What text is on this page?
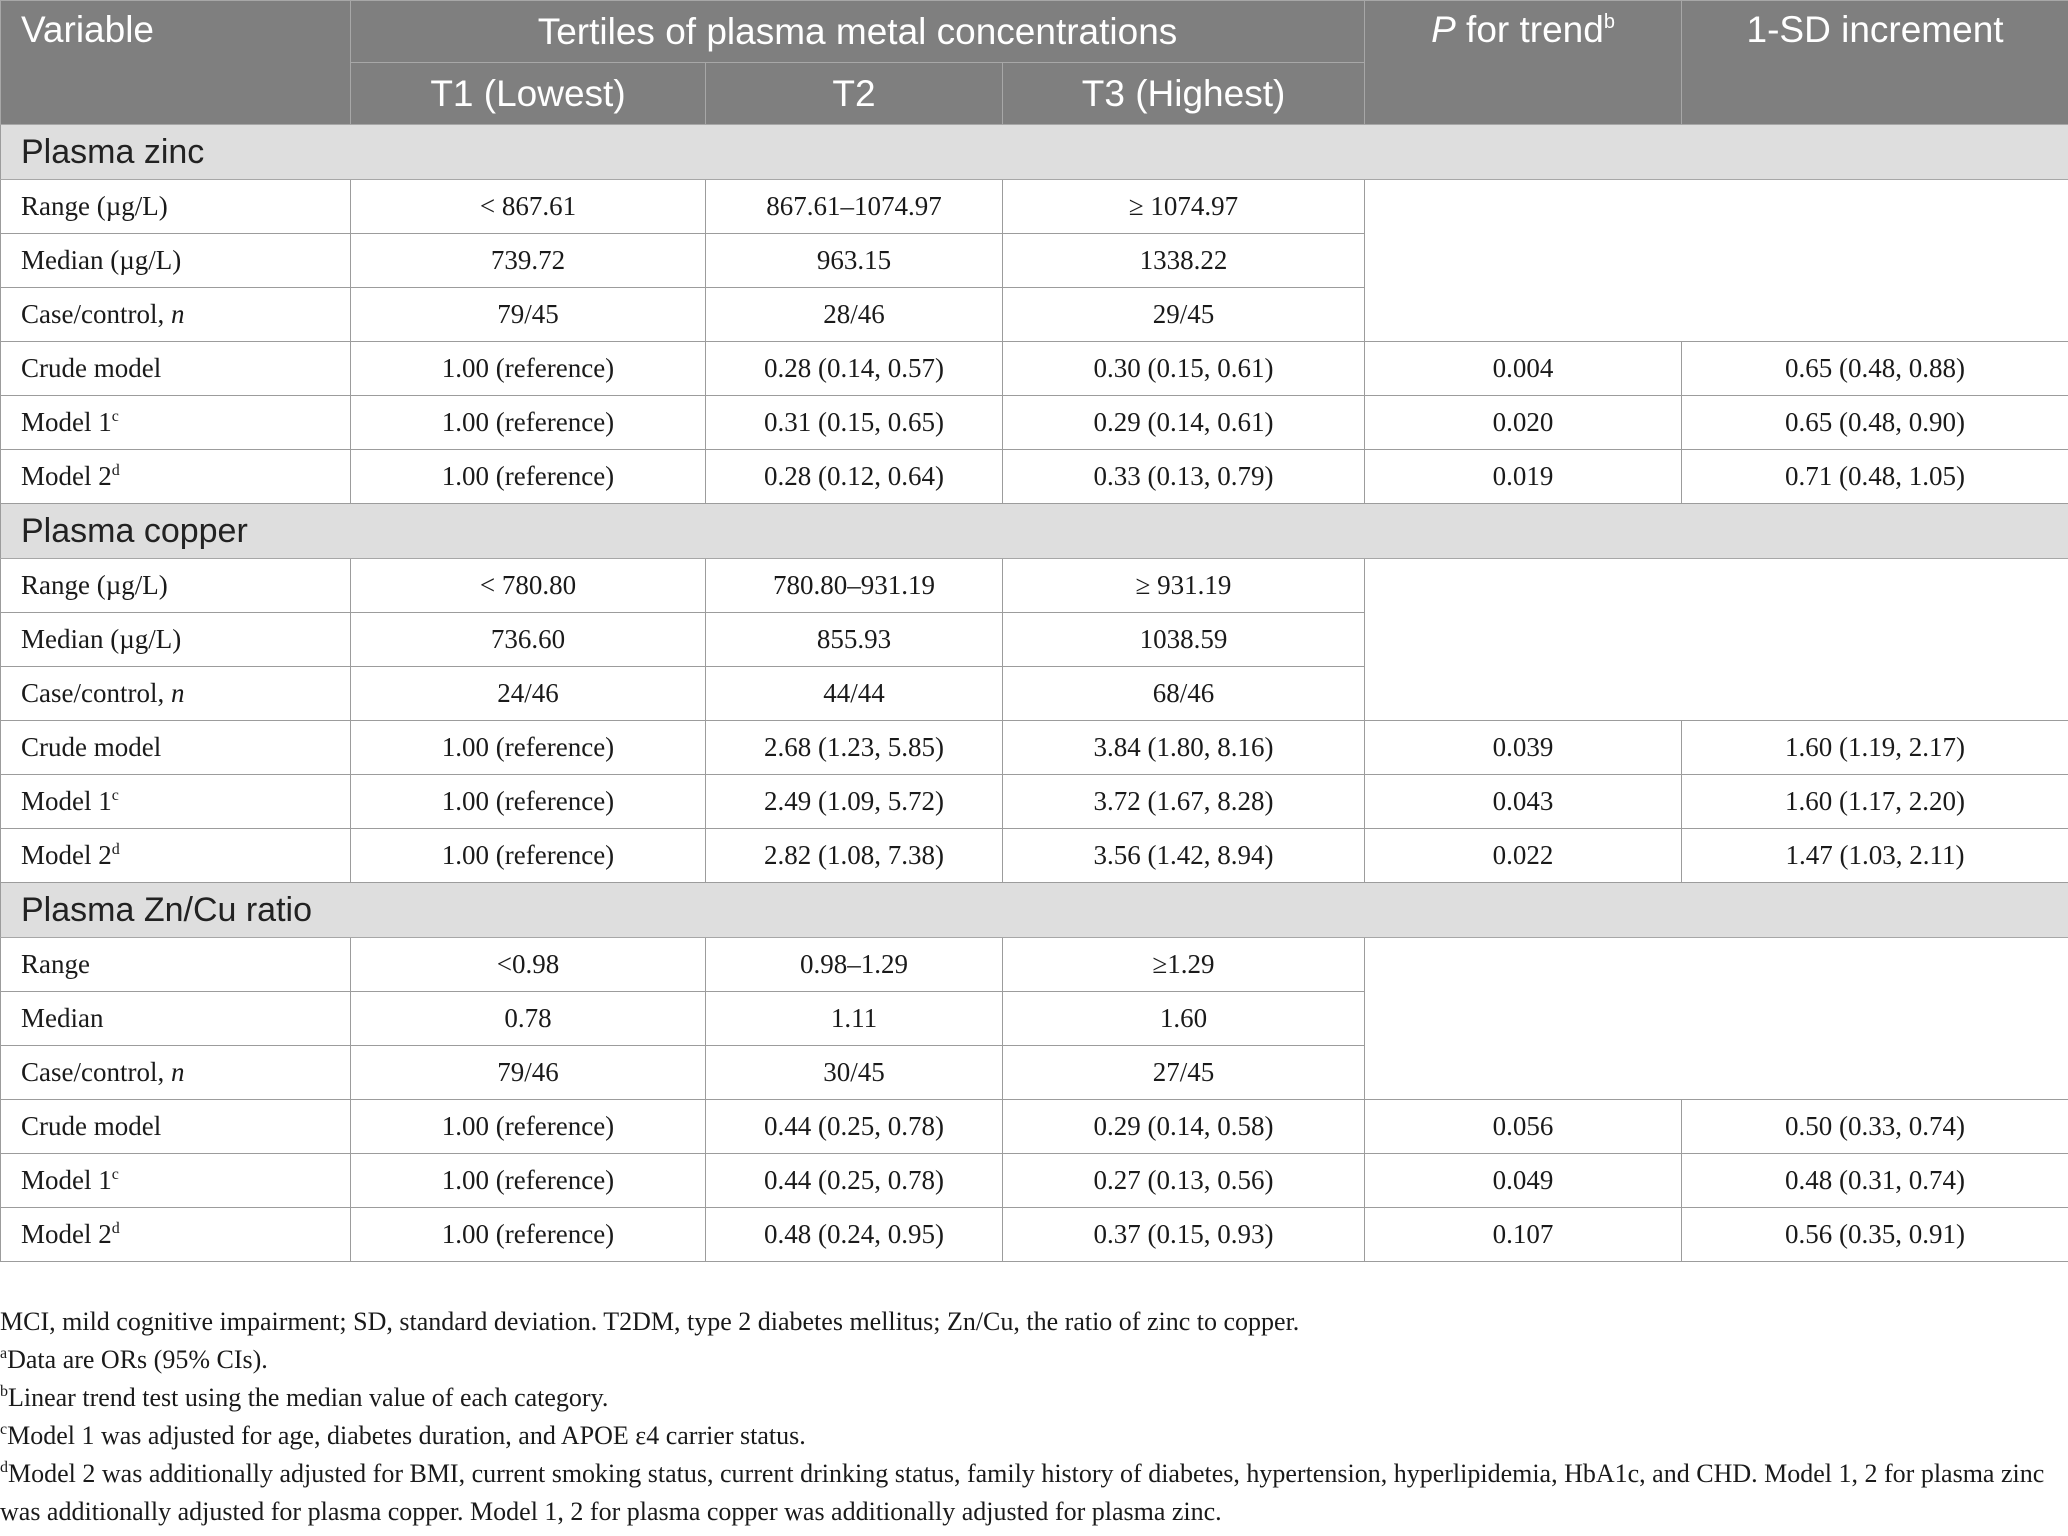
Variable	Tertiles of plasma metal concentrations			P for trend$^b$	1-SD increment
	T1 (Lowest)	T2	T3 (Highest)		
Plasma zinc					
Range (µg/L)	< 867.61	867.61–1074.97	≥ 1074.97		
Median (µg/L)	739.72	963.15	1338.22		
Case/control, n	79/45	28/46	29/45		
Crude model	1.00 (reference)	0.28 (0.14, 0.57)	0.30 (0.15, 0.61)	0.004	0.65 (0.48, 0.88)
Model 1$^c$	1.00 (reference)	0.31 (0.15, 0.65)	0.29 (0.14, 0.61)	0.020	0.65 (0.48, 0.90)
Model 2$^d$	1.00 (reference)	0.28 (0.12, 0.64)	0.33 (0.13, 0.79)	0.019	0.71 (0.48, 1.05)
Plasma copper					
Range (µg/L)	< 780.80	780.80–931.19	≥ 931.19		
Median (µg/L)	736.60	855.93	1038.59		
Case/control, n	24/46	44/44	68/46		
Crude model	1.00 (reference)	2.68 (1.23, 5.85)	3.84 (1.80, 8.16)	0.039	1.60 (1.19, 2.17)
Model 1$^c$	1.00 (reference)	2.49 (1.09, 5.72)	3.72 (1.67, 8.28)	0.043	1.60 (1.17, 2.20)
Model 2$^d$	1.00 (reference)	2.82 (1.08, 7.38)	3.56 (1.42, 8.94)	0.022	1.47 (1.03, 2.11)
Plasma Zn/Cu ratio					
Range	<0.98	0.98–1.29	≥1.29		
Median	0.78	1.11	1.60		
Case/control, n	79/46	30/45	27/45		
Crude model	1.00 (reference)	0.44 (0.25, 0.78)	0.29 (0.14, 0.58)	0.056	0.50 (0.33, 0.74)
Model 1$^c$	1.00 (reference)	0.44 (0.25, 0.78)	0.27 (0.13, 0.56)	0.049	0.48 (0.31, 0.74)
Model 2$^d$	1.00 (reference)	0.48 (0.24, 0.95)	0.37 (0.15, 0.93)	0.107	0.56 (0.35, 0.91)

MCI, mild cognitive impairment; SD, standard deviation. T2DM, type 2 diabetes mellitus; Zn/Cu, the ratio of zinc to copper.

$^a$Data are ORs (95% CIs).

$^b$Linear trend test using the median value of each category.

$^c$Model 1 was adjusted for age, diabetes duration, and APOE ε4 carrier status.

$^d$Model 2 was additionally adjusted for BMI, current smoking status, current drinking status, family history of diabetes, hypertension, hyperlipidemia, HbA1c, and CHD. Model 1, 2 for plasma zinc was additionally adjusted for plasma copper. Model 1, 2 for plasma copper was additionally adjusted for plasma zinc.
